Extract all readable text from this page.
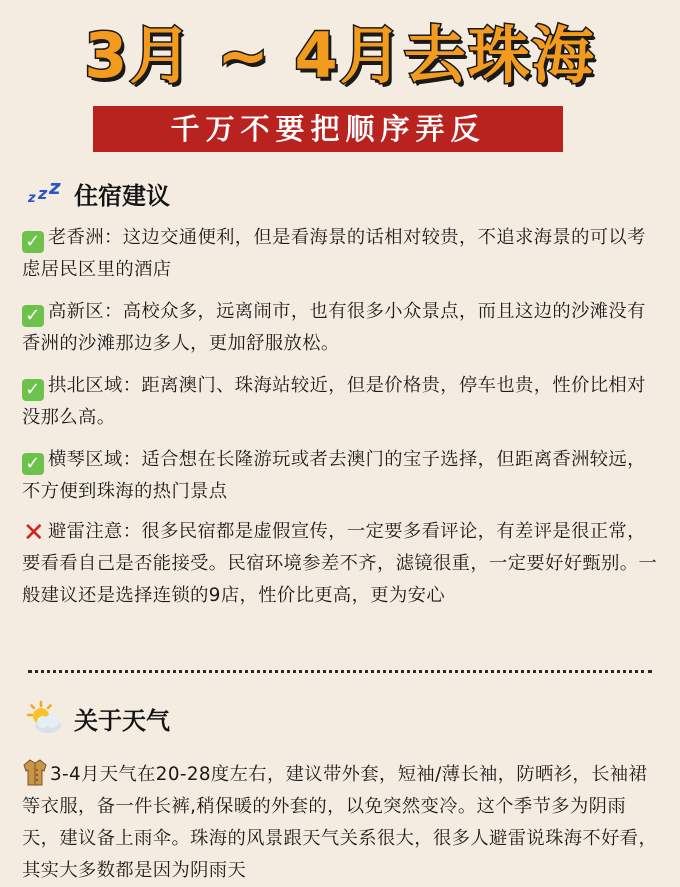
3月 ~ 4月去珠海
千万不要把顺序弄反
z z z 住宿建议
✓ 老香洲：这边交通便利，但是看海景的话相对较贵，不追求海景的可以考虑居民区里的酒店
✓ 高新区：高校众多，远离闹市，也有很多小众景点，而且这边的沙滩没有香洲的沙滩那边多人，更加舒服放松。
✓ 拱北区域：距离澳门、珠海站较近，但是价格贵，停车也贵，性价比相对没那么高。
✓ 横琴区域：适合想在长隆游玩或者去澳门的宝子选择，但距离香洲较远，不方便到珠海的热门景点
✕ 避雷注意：很多民宿都是虚假宣传，一定要多看评论，有差评是很正常，要看看自己是否能接受。民宿环境参差不齐，滤镜很重，一定要好好甄别。一般建议还是选择连锁的9店，性价比更高，更为安心
关于天气
3-4月天气在20-28度左右，建议带外套，短袖/薄长袖，防晒衫，长袖裙等衣服，备一件长裤,稍保暖的外套的，以免突然变冷。这个季节多为阴雨天，建议备上雨伞。珠海的风景跟天气关系很大，很多人避雷说珠海不好看，其实大多数都是因为阴雨天
